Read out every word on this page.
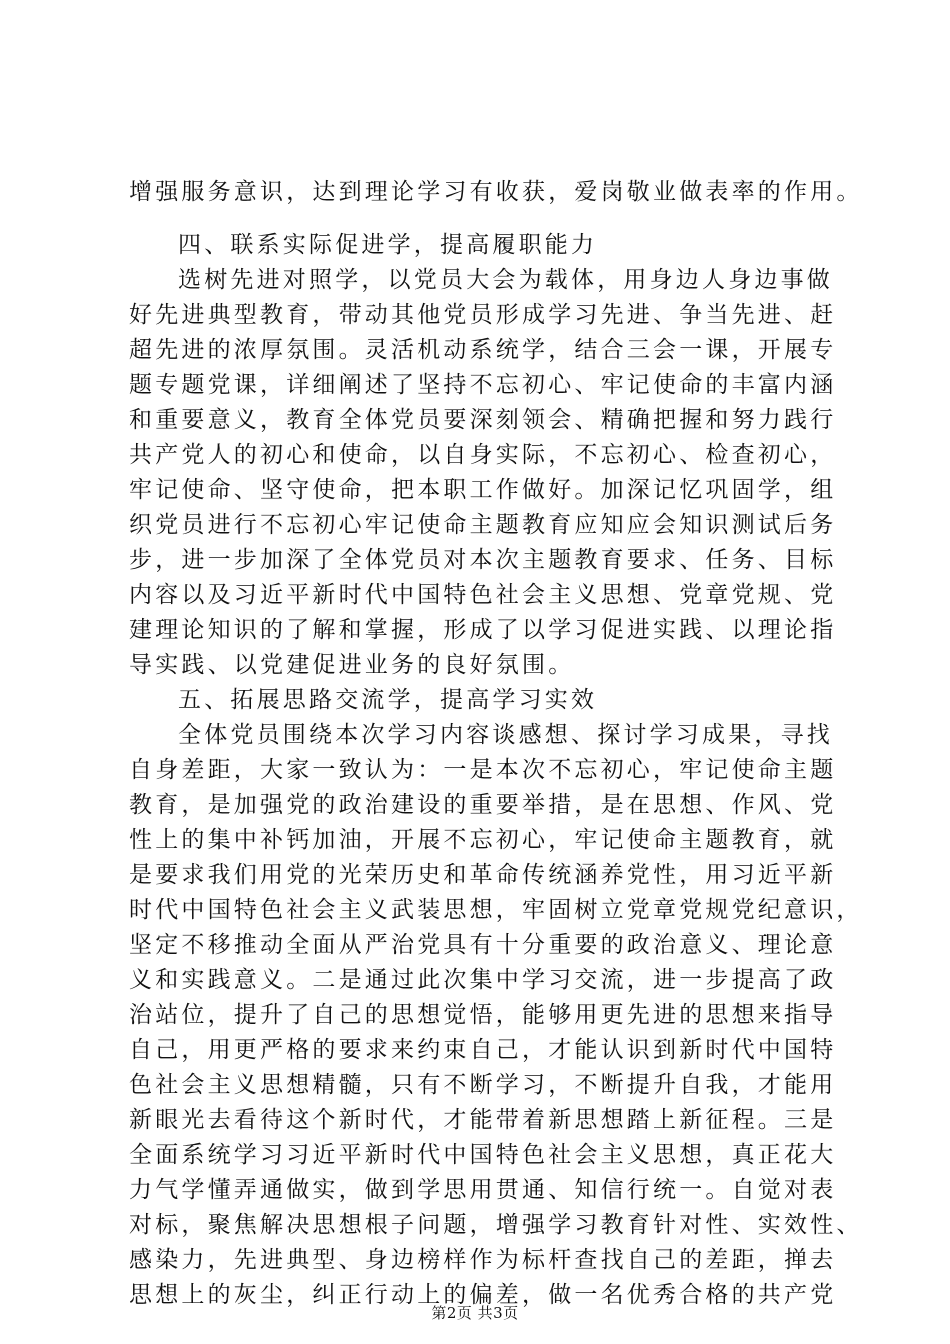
增强服务意识，达到理论学习有收获，爱岗敬业做表率的作用。
四、联系实际促进学，提高履职能力
选树先进对照学，以党员大会为载体，用身边人身边事做
好先进典型教育，带动其他党员形成学习先进、争当先进、赶
超先进的浓厚氛围。灵活机动系统学，结合三会一课，开展专
题专题党课，详细阐述了坚持不忘初心、牢记使命的丰富内涵
和重要意义，教育全体党员要深刻领会、精确把握和努力践行
共产党人的初心和使命，以自身实际，不忘初心、检查初心，
牢记使命、坚守使命，把本职工作做好。加深记忆巩固学，组
织党员进行不忘初心牢记使命主题教育应知应会知识测试后务
步，进一步加深了全体党员对本次主题教育要求、任务、目标
内容以及习近平新时代中国特色社会主义思想、党章党规、党
建理论知识的了解和掌握，形成了以学习促进实践、以理论指
导实践、以党建促进业务的良好氛围。
五、拓展思路交流学，提高学习实效
全体党员围绕本次学习内容谈感想、探讨学习成果，寻找
自身差距，大家一致认为：一是本次不忘初心，牢记使命主题
教育，是加强党的政治建设的重要举措，是在思想、作风、党
性上的集中补钙加油，开展不忘初心，牢记使命主题教育，就
是要求我们用党的光荣历史和革命传统涵养党性，用习近平新
时代中国特色社会主义武装思想，牢固树立党章党规党纪意识，
坚定不移推动全面从严治党具有十分重要的政治意义、理论意
义和实践意义。二是通过此次集中学习交流，进一步提高了政
治站位，提升了自己的思想觉悟，能够用更先进的思想来指导
自己，用更严格的要求来约束自己，才能认识到新时代中国特
色社会主义思想精髓，只有不断学习，不断提升自我，才能用
新眼光去看待这个新时代，才能带着新思想踏上新征程。三是
全面系统学习习近平新时代中国特色社会主义思想，真正花大
力气学懂弄通做实，做到学思用贯通、知信行统一。自觉对表
对标，聚焦解决思想根子问题，增强学习教育针对性、实效性、
感染力，先进典型、身边榜样作为标杆查找自己的差距，掸去
思想上的灰尘，纠正行动上的偏差，做一名优秀合格的共产党
第2页 共3页
